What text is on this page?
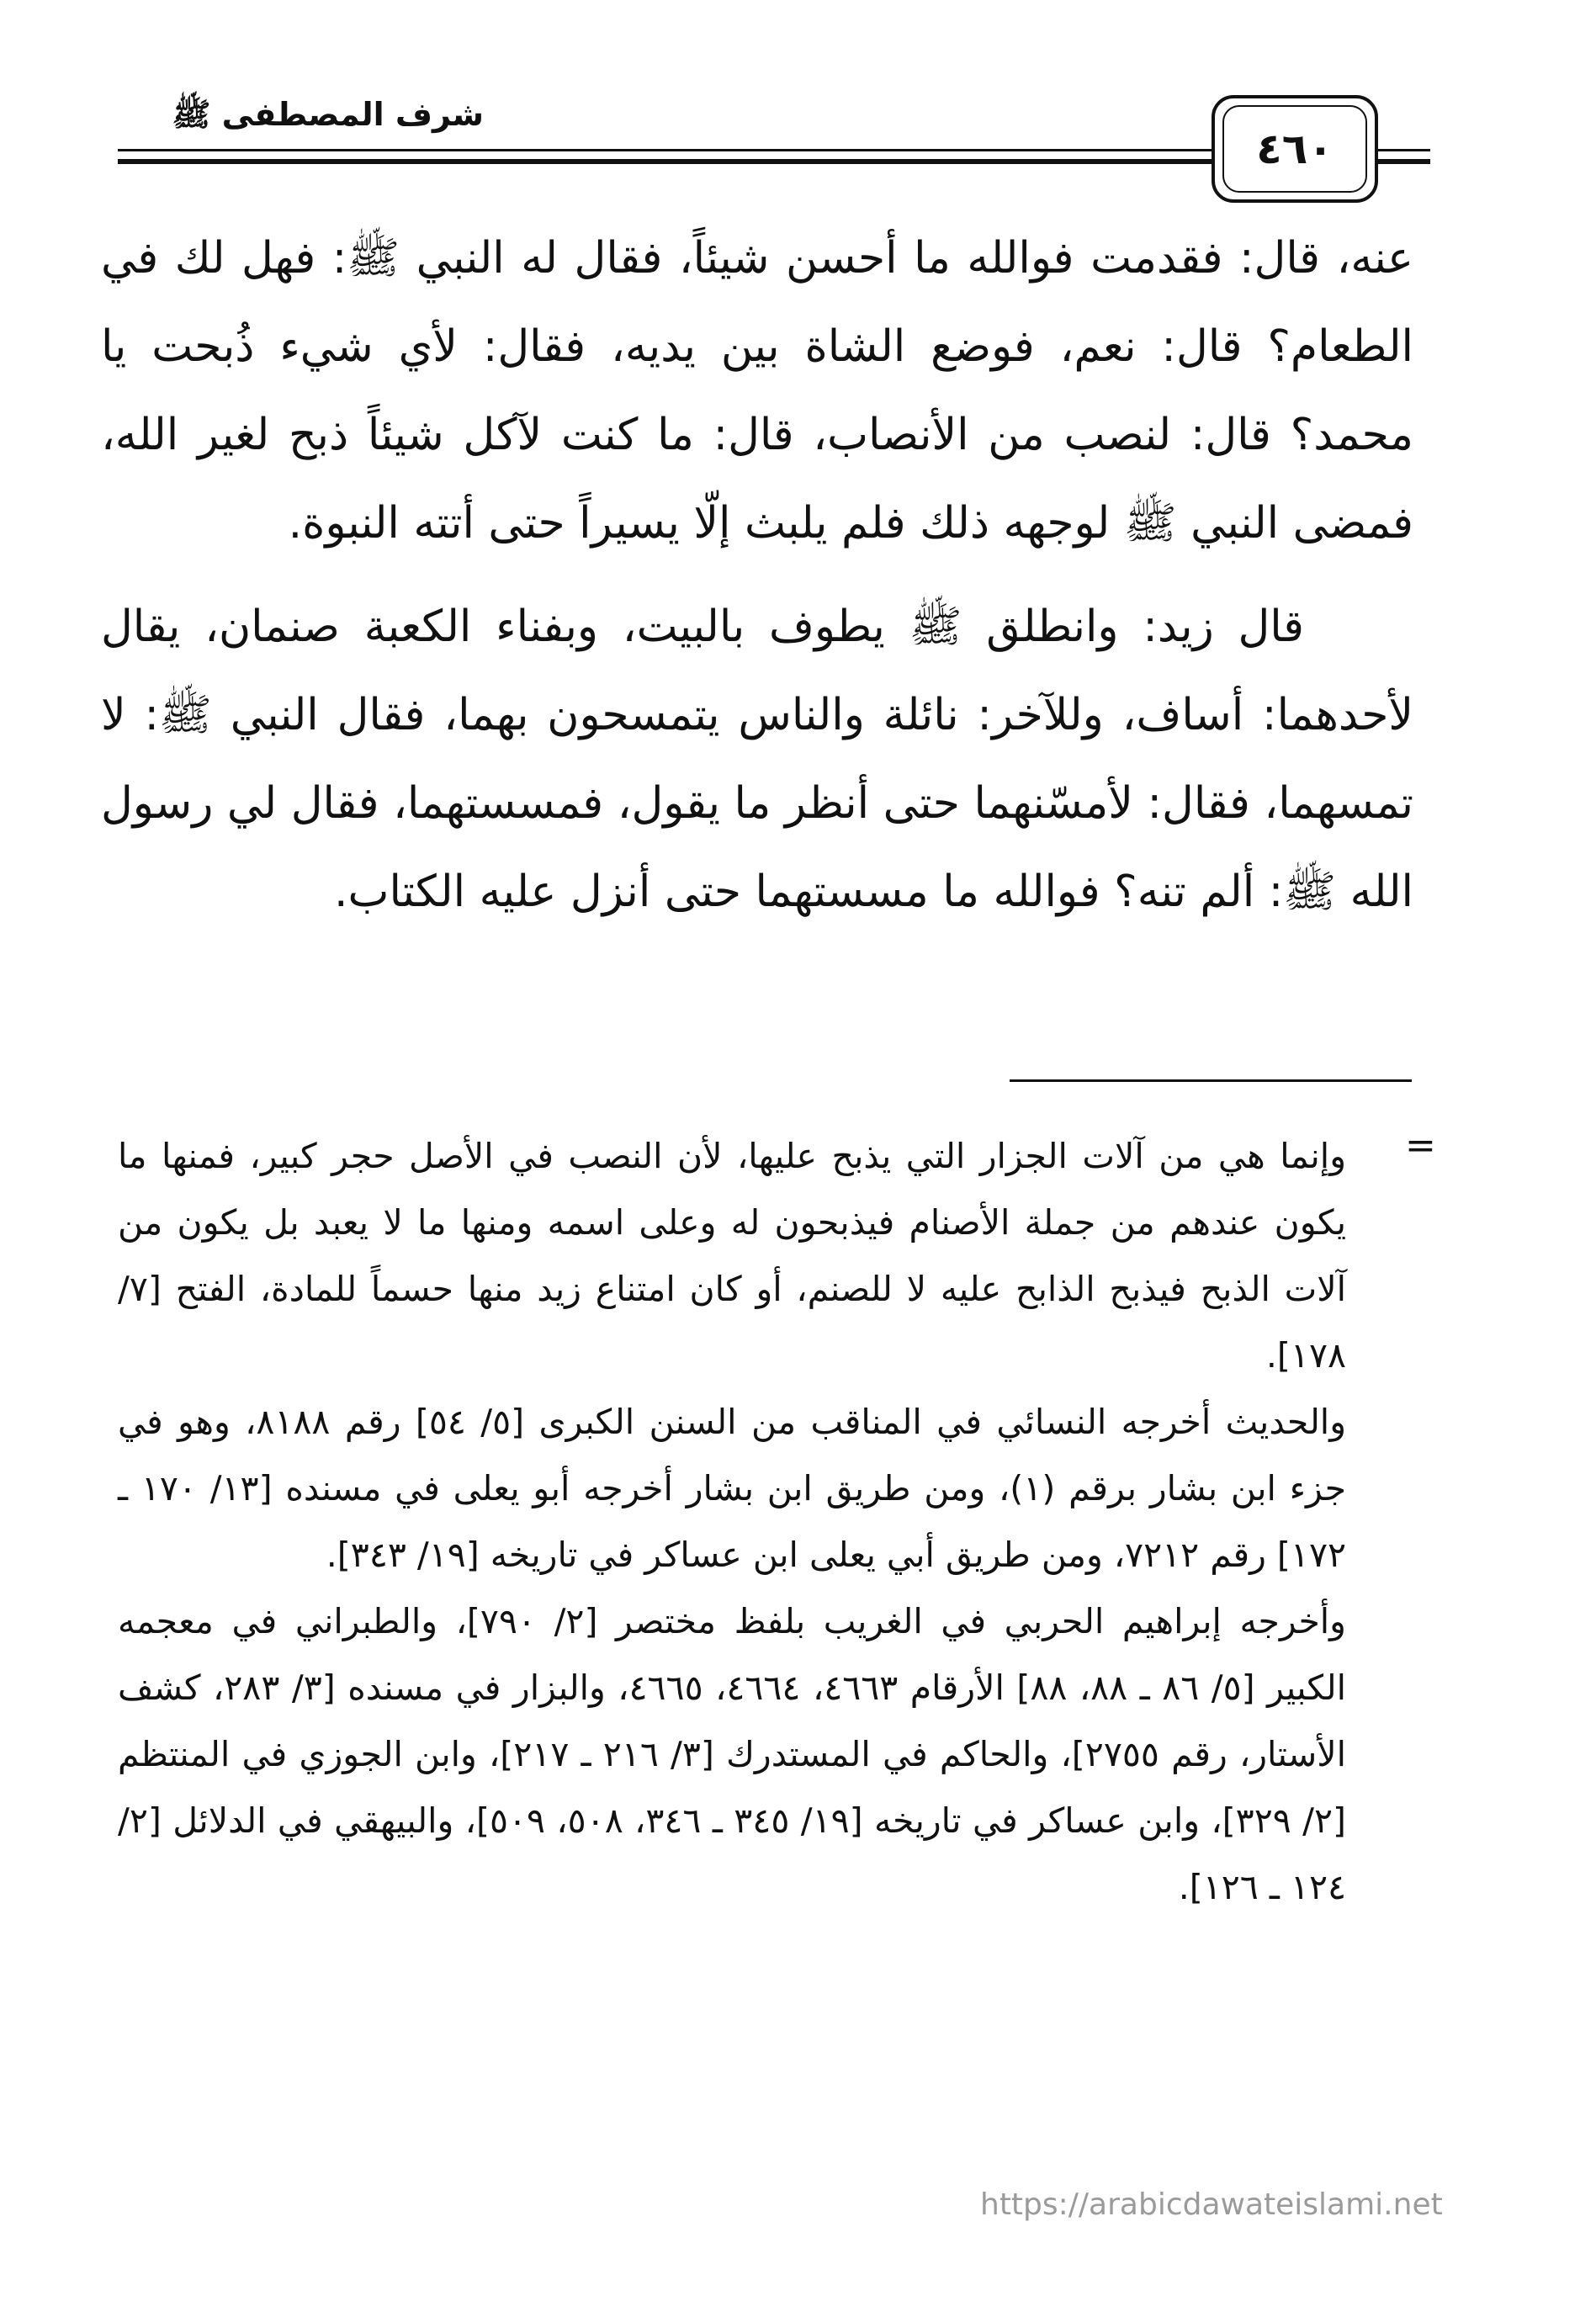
شرف المصطفى ﷺ
٤٦٠

عنه، قال: فقدمت فوالله ما أحسن شيئاً، فقال له النبي ﷺ: فهل لك في الطعام؟ قال: نعم، فوضع الشاة بين يديه، فقال: لأي شيء ذُبحت يا محمد؟ قال: لنصب من الأنصاب، قال: ما كنت لآكل شيئاً ذبح لغير الله، فمضى النبي ﷺ لوجهه ذلك فلم يلبث إلّا يسيراً حتى أتته النبوة.

قال زيد: وانطلق ﷺ يطوف بالبيت، وبفناء الكعبة صنمان، يقال لأحدهما: أساف، وللآخر: نائلة والناس يتمسحون بهما، فقال النبي ﷺ: لا تمسهما، فقال: لأمسّنهما حتى أنظر ما يقول، فمسستهما، فقال لي رسول الله ﷺ: ألم تنه؟ فوالله ما مسستهما حتى أنزل عليه الكتاب.

=

وإنما هي من آلات الجزار التي يذبح عليها، لأن النصب في الأصل حجر كبير، فمنها ما يكون عندهم من جملة الأصنام فيذبحون له وعلى اسمه ومنها ما لا يعبد بل يكون من آلات الذبح فيذبح الذابح عليه لا للصنم، أو كان امتناع زيد منها حسماً للمادة، الفتح [٧/ ١٧٨].

والحديث أخرجه النسائي في المناقب من السنن الكبرى [٥/ ٥٤] رقم ٨١٨٨، وهو في جزء ابن بشار برقم (١)، ومن طريق ابن بشار أخرجه أبو يعلى في مسنده [١٣/ ١٧٠ ـ ١٧٢] رقم ٧٢١٢، ومن طريق أبي يعلى ابن عساكر في تاريخه [١٩/ ٣٤٣].

وأخرجه إبراهيم الحربي في الغريب بلفظ مختصر [٢/ ٧٩٠]، والطبراني في معجمه الكبير [٥/ ٨٦ ـ ٨٨، ٨٨] الأرقام ٤٦٦٣، ٤٦٦٤، ٤٦٦٥، والبزار في مسنده [٣/ ٢٨٣، كشف الأستار، رقم ٢٧٥٥]، والحاكم في المستدرك [٣/ ٢١٦ ـ ٢١٧]، وابن الجوزي في المنتظم [٢/ ٣٢٩]، وابن عساكر في تاريخه [١٩/ ٣٤٥ ـ ٣٤٦، ٥٠٨، ٥٠٩]، والبيهقي في الدلائل [٢/ ١٢٤ ـ ١٢٦].

https://arabicdawateislami.net
